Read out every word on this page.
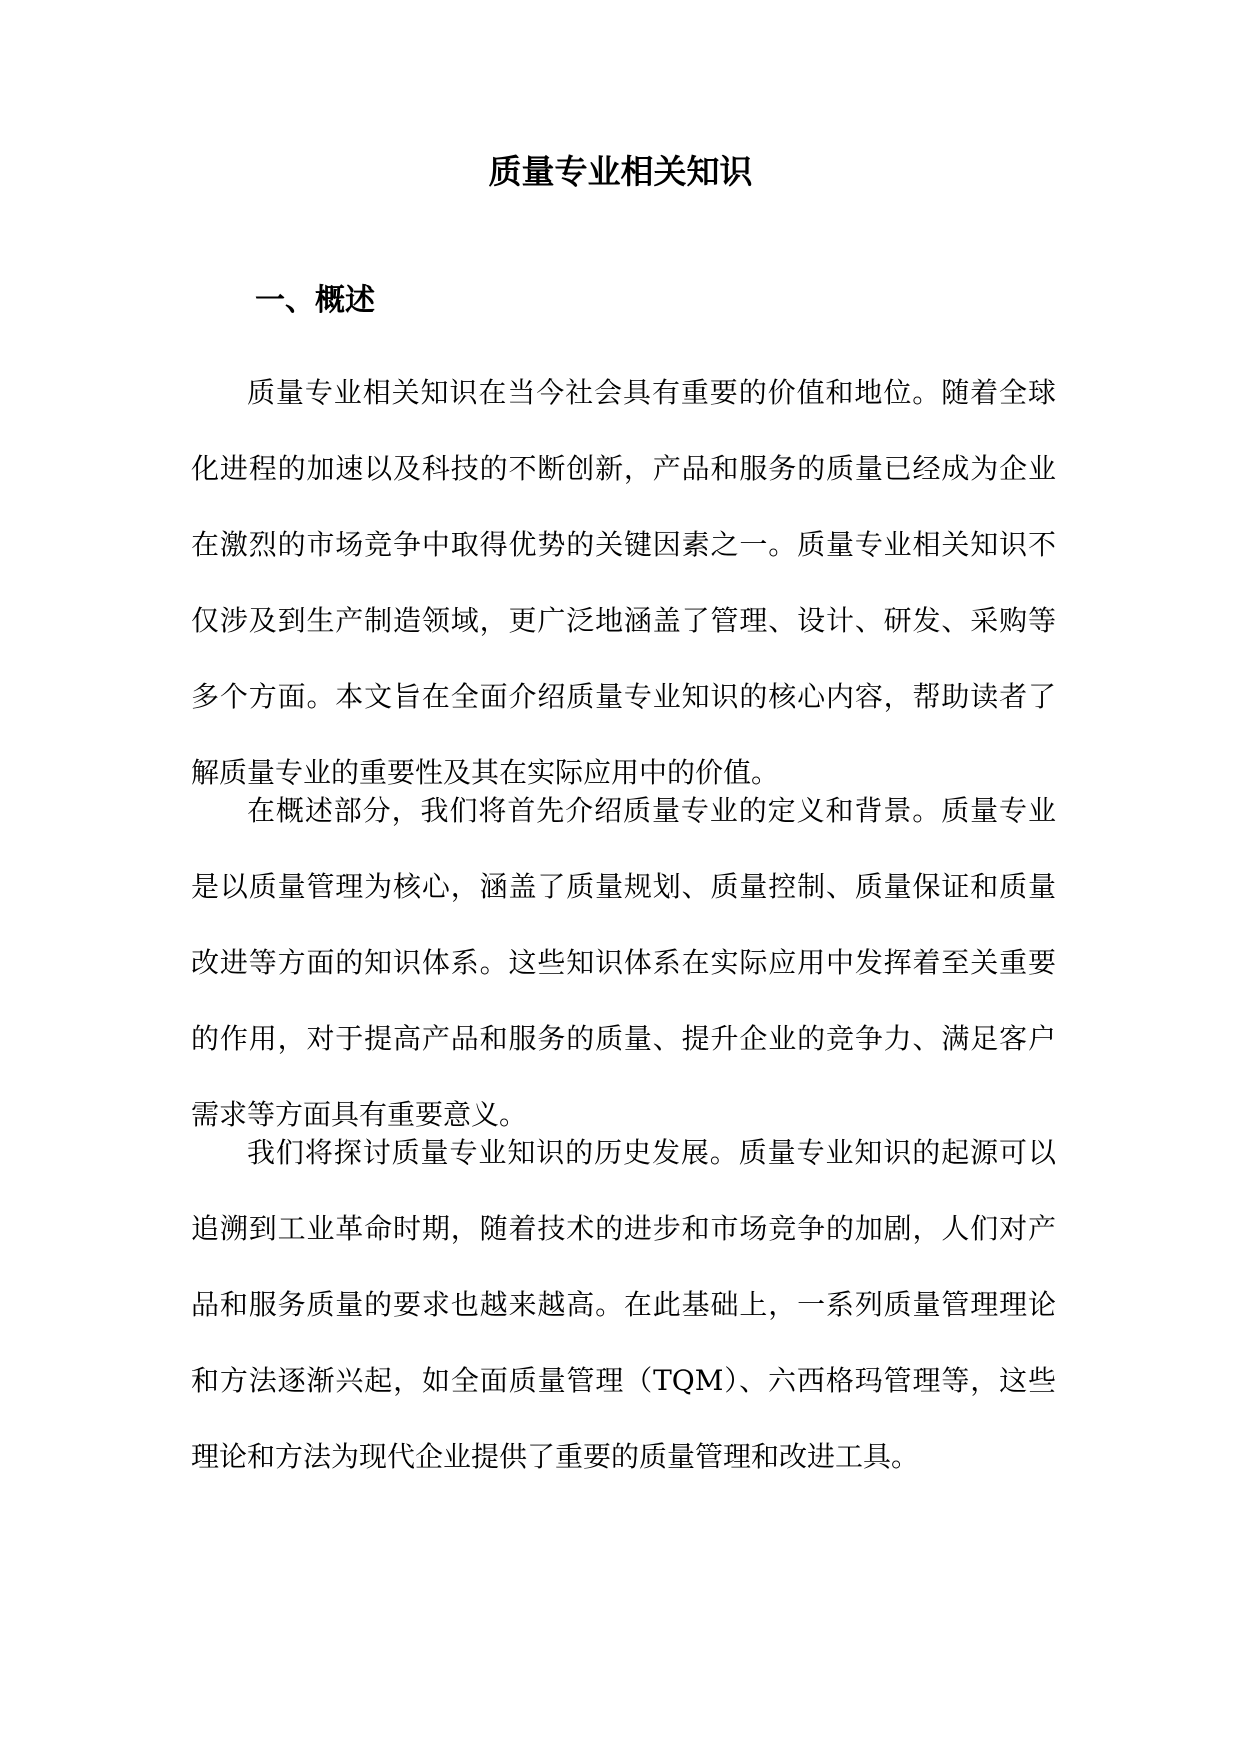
质量专业相关知识
一、概述

质量专业相关知识在当今社会具有重要的价值和地位。随着全球化进程的加速以及科技的不断创新，产品和服务的质量已经成为企业在激烈的市场竞争中取得优势的关键因素之一。质量专业相关知识不仅涉及到生产制造领域，更广泛地涵盖了管理、设计、研发、采购等多个方面。本文旨在全面介绍质量专业知识的核心内容，帮助读者了解质量专业的重要性及其在实际应用中的价值。

在概述部分，我们将首先介绍质量专业的定义和背景。质量专业是以质量管理为核心，涵盖了质量规划、质量控制、质量保证和质量改进等方面的知识体系。这些知识体系在实际应用中发挥着至关重要的作用，对于提高产品和服务的质量、提升企业的竞争力、满足客户需求等方面具有重要意义。

我们将探讨质量专业知识的历史发展。质量专业知识的起源可以追溯到工业革命时期，随着技术的进步和市场竞争的加剧，人们对产品和服务质量的要求也越来越高。在此基础上，一系列质量管理理论和方法逐渐兴起，如全面质量管理（TQM）、六西格玛管理等，这些理论和方法为现代企业提供了重要的质量管理和改进工具。
